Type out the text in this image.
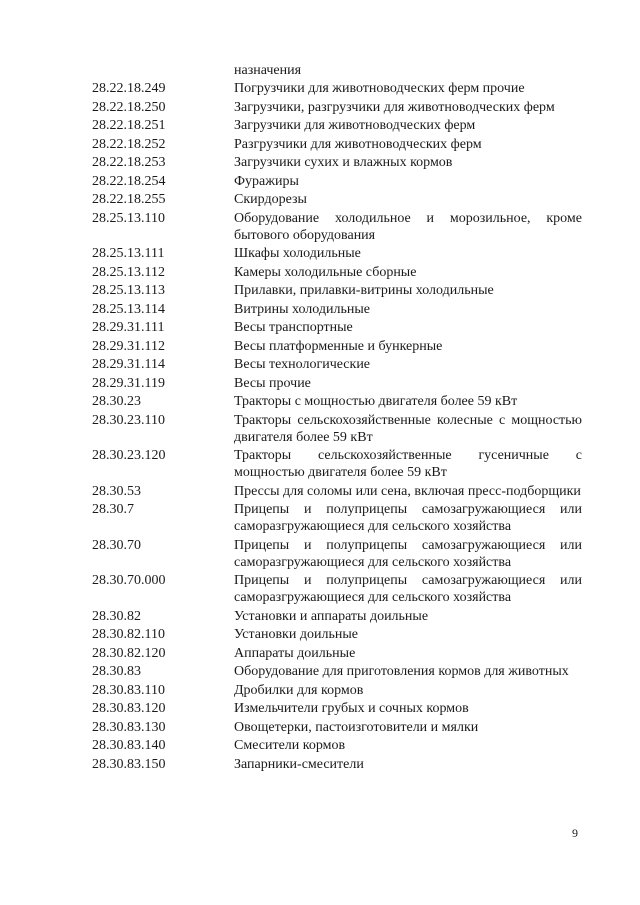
назначения
28.22.18.249	Погрузчики для животноводческих ферм прочие
28.22.18.250	Загрузчики, разгрузчики для животноводческих ферм
28.22.18.251	Загрузчики для животноводческих ферм
28.22.18.252	Разгрузчики для животноводческих ферм
28.22.18.253	Загрузчики сухих и влажных кормов
28.22.18.254	Фуражиры
28.22.18.255	Скирдорезы
28.25.13.110	Оборудование холодильное и морозильное, кроме бытового оборудования
28.25.13.111	Шкафы холодильные
28.25.13.112	Камеры холодильные сборные
28.25.13.113	Прилавки, прилавки-витрины холодильные
28.25.13.114	Витрины холодильные
28.29.31.111	Весы транспортные
28.29.31.112	Весы платформенные и бункерные
28.29.31.114	Весы технологические
28.29.31.119	Весы прочие
28.30.23	Тракторы с мощностью двигателя более 59 кВт
28.30.23.110	Тракторы сельскохозяйственные колесные с мощностью двигателя более 59 кВт
28.30.23.120	Тракторы сельскохозяйственные гусеничные с мощностью двигателя более 59 кВт
28.30.53	Прессы для соломы или сена, включая пресс-подборщики
28.30.7	Прицепы и полуприцепы самозагружающиеся или саморазгружающиеся для сельского хозяйства
28.30.70	Прицепы и полуприцепы самозагружающиеся или саморазгружающиеся для сельского хозяйства
28.30.70.000	Прицепы и полуприцепы самозагружающиеся или саморазгружающиеся для сельского хозяйства
28.30.82	Установки и аппараты доильные
28.30.82.110	Установки доильные
28.30.82.120	Аппараты доильные
28.30.83	Оборудование для приготовления кормов для животных
28.30.83.110	Дробилки для кормов
28.30.83.120	Измельчители грубых и сочных кормов
28.30.83.130	Овощетерки, пастоизготовители и мялки
28.30.83.140	Смесители кормов
28.30.83.150	Запарники-смесители
9
